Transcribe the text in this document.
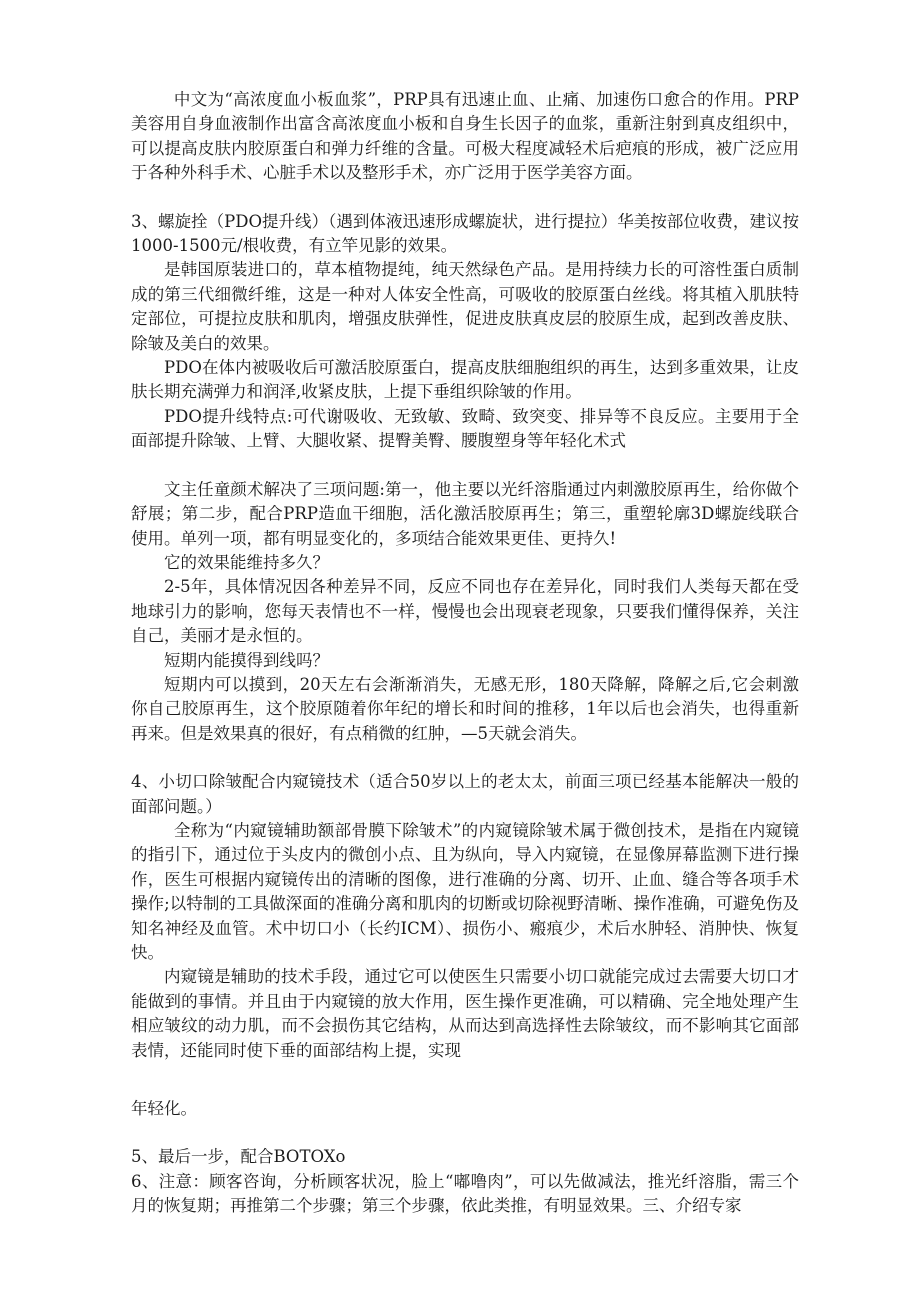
中文为“高浓度血小板血浆”，PRP具有迅速止血、止痛、加速伤口愈合的作用。PRP美容用自身血液制作出富含高浓度血小板和自身生长因子的血浆，重新注射到真皮组织中，可以提高皮肤内胶原蛋白和弹力纤维的含量。可极大程度减轻术后疤痕的形成，被广泛应用于各种外科手术、心脏手术以及整形手术，亦广泛用于医学美容方面。

3、螺旋拴（PDO提升线）（遇到体液迅速形成螺旋状，进行提拉）华美按部位收费，建议按1000-1500元/根收费，有立竿见影的效果。

是韩国原装进口的，草本植物提纯，纯天然绿色产品。是用持续力长的可溶性蛋白质制成的第三代细微纤维，这是一种对人体安全性高，可吸收的胶原蛋白丝线。将其植入肌肤特定部位，可提拉皮肤和肌肉，增强皮肤弹性，促进皮肤真皮层的胶原生成，起到改善皮肤、除皱及美白的效果。

PDO在体内被吸收后可激活胶原蛋白，提高皮肤细胞组织的再生，达到多重效果，让皮肤长期充满弹力和润泽,收紧皮肤，上提下垂组织除皱的作用。

PDO提升线特点:可代谢吸收、无致敏、致畸、致突变、排异等不良反应。主要用于全面部提升除皱、上臂、大腿收紧、提臀美臀、腰腹塑身等年轻化术式

文主任童颜术解决了三项问题:第一，他主要以光纤溶脂通过内刺激胶原再生，给你做个舒展；第二步，配合PRP造血干细胞，活化激活胶原再生；第三，重塑轮廓3D螺旋线联合使用。单列一项，都有明显变化的，多项结合能效果更佳、更持久!

它的效果能维持多久？

2-5年，具体情况因各种差异不同，反应不同也存在差异化，同时我们人类每天都在受地球引力的影响，您每天表情也不一样，慢慢也会出现衰老现象，只要我们懂得保养，关注自己，美丽才是永恒的。

短期内能摸得到线吗？

短期内可以摸到，20天左右会渐渐消失，无感无形，180天降解，降解之后,它会刺激你自己胶原再生，这个胶原随着你年纪的增长和时间的推移，1年以后也会消失，也得重新再来。但是效果真的很好，有点稍微的红肿，—5天就会消失。

4、小切口除皱配合内窥镜技术（适合50岁以上的老太太，前面三项已经基本能解决一般的面部问题。）

全称为“内窥镜辅助额部骨膜下除皱术”的内窥镜除皱术属于微创技术，是指在内窥镜的指引下，通过位于头皮内的微创小点、且为纵向，导入内窥镜，在显像屏幕监测下进行操作，医生可根据内窥镜传出的清晰的图像，进行准确的分离、切开、止血、缝合等各项手术操作;以特制的工具做深面的准确分离和肌肉的切断或切除视野清晰、操作准确，可避免伤及知名神经及血管。术中切口小（长约ICM）、损伤小、瘢痕少，术后水肿轻、消肿快、恢复快。

内窥镜是辅助的技术手段，通过它可以使医生只需要小切口就能完成过去需要大切口才能做到的事情。并且由于内窥镜的放大作用，医生操作更准确，可以精确、完全地处理产生相应皱纹的动力肌，而不会损伤其它结构，从而达到高选择性去除皱纹，而不影响其它面部表情，还能同时使下垂的面部结构上提，实现

年轻化。

5、最后一步，配合BOTOXo

6、注意：顾客咨询，分析顾客状况，脸上“嘟噜肉”，可以先做减法，推光纤溶脂，需三个月的恢复期；再推第二个步骤；第三个步骤，依此类推，有明显效果。三、介绍专家
